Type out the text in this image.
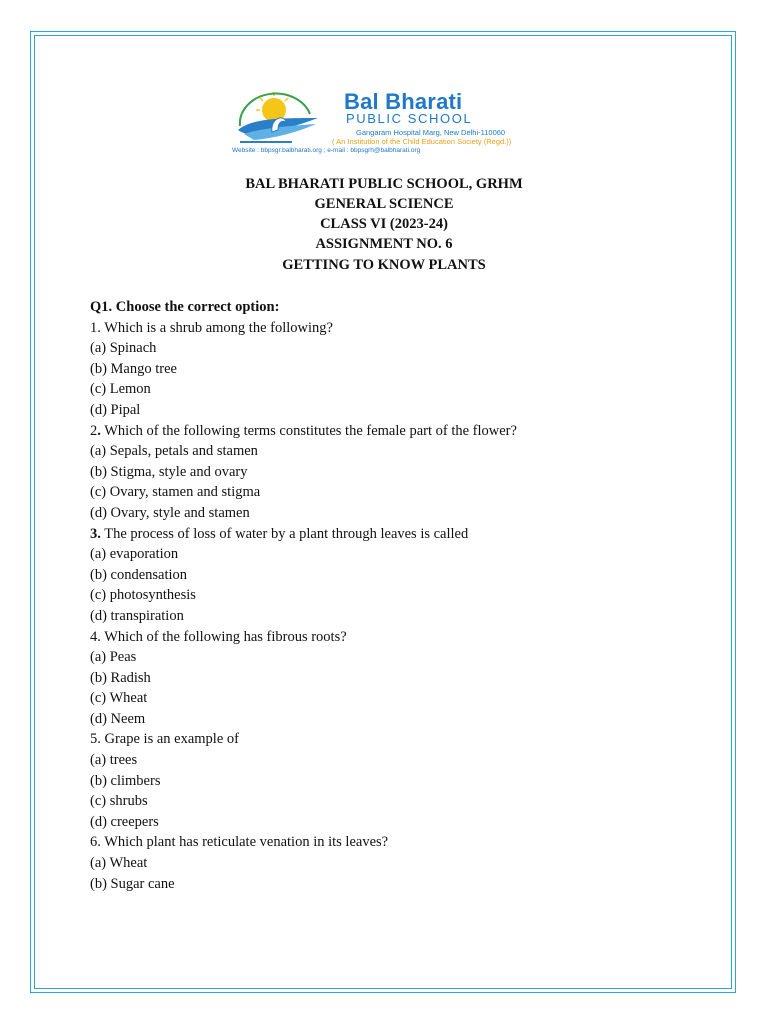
Bal Bharati
PUBLIC SCHOOL
Gangaram Hospital Marg, New Delhi-110060
( An Institution of the Child Education Society (Regd.))
Website : bbpsgr.balbharati.org ; e-mail : bbpsgrh@balbharati.org
BAL BHARATI PUBLIC SCHOOL, GRHM
GENERAL SCIENCE
CLASS VI (2023-24)
ASSIGNMENT NO. 6
GETTING TO KNOW PLANTS
Q1. Choose the correct option:
1. Which is a shrub among the following?
(a) Spinach
(b) Mango tree
(c) Lemon
(d) Pipal
2. Which of the following terms constitutes the female part of the flower?
(a) Sepals, petals and stamen
(b) Stigma, style and ovary
(c) Ovary, stamen and stigma
(d) Ovary, style and stamen
3. The process of loss of water by a plant through leaves is called
(a) evaporation
(b) condensation
(c) photosynthesis
(d) transpiration
4. Which of the following has fibrous roots?
(a) Peas
(b) Radish
(c) Wheat
(d) Neem
5. Grape is an example of
(a) trees
(b) climbers
(c) shrubs
(d) creepers
6. Which plant has reticulate venation in its leaves?
(a) Wheat
(b) Sugar cane
